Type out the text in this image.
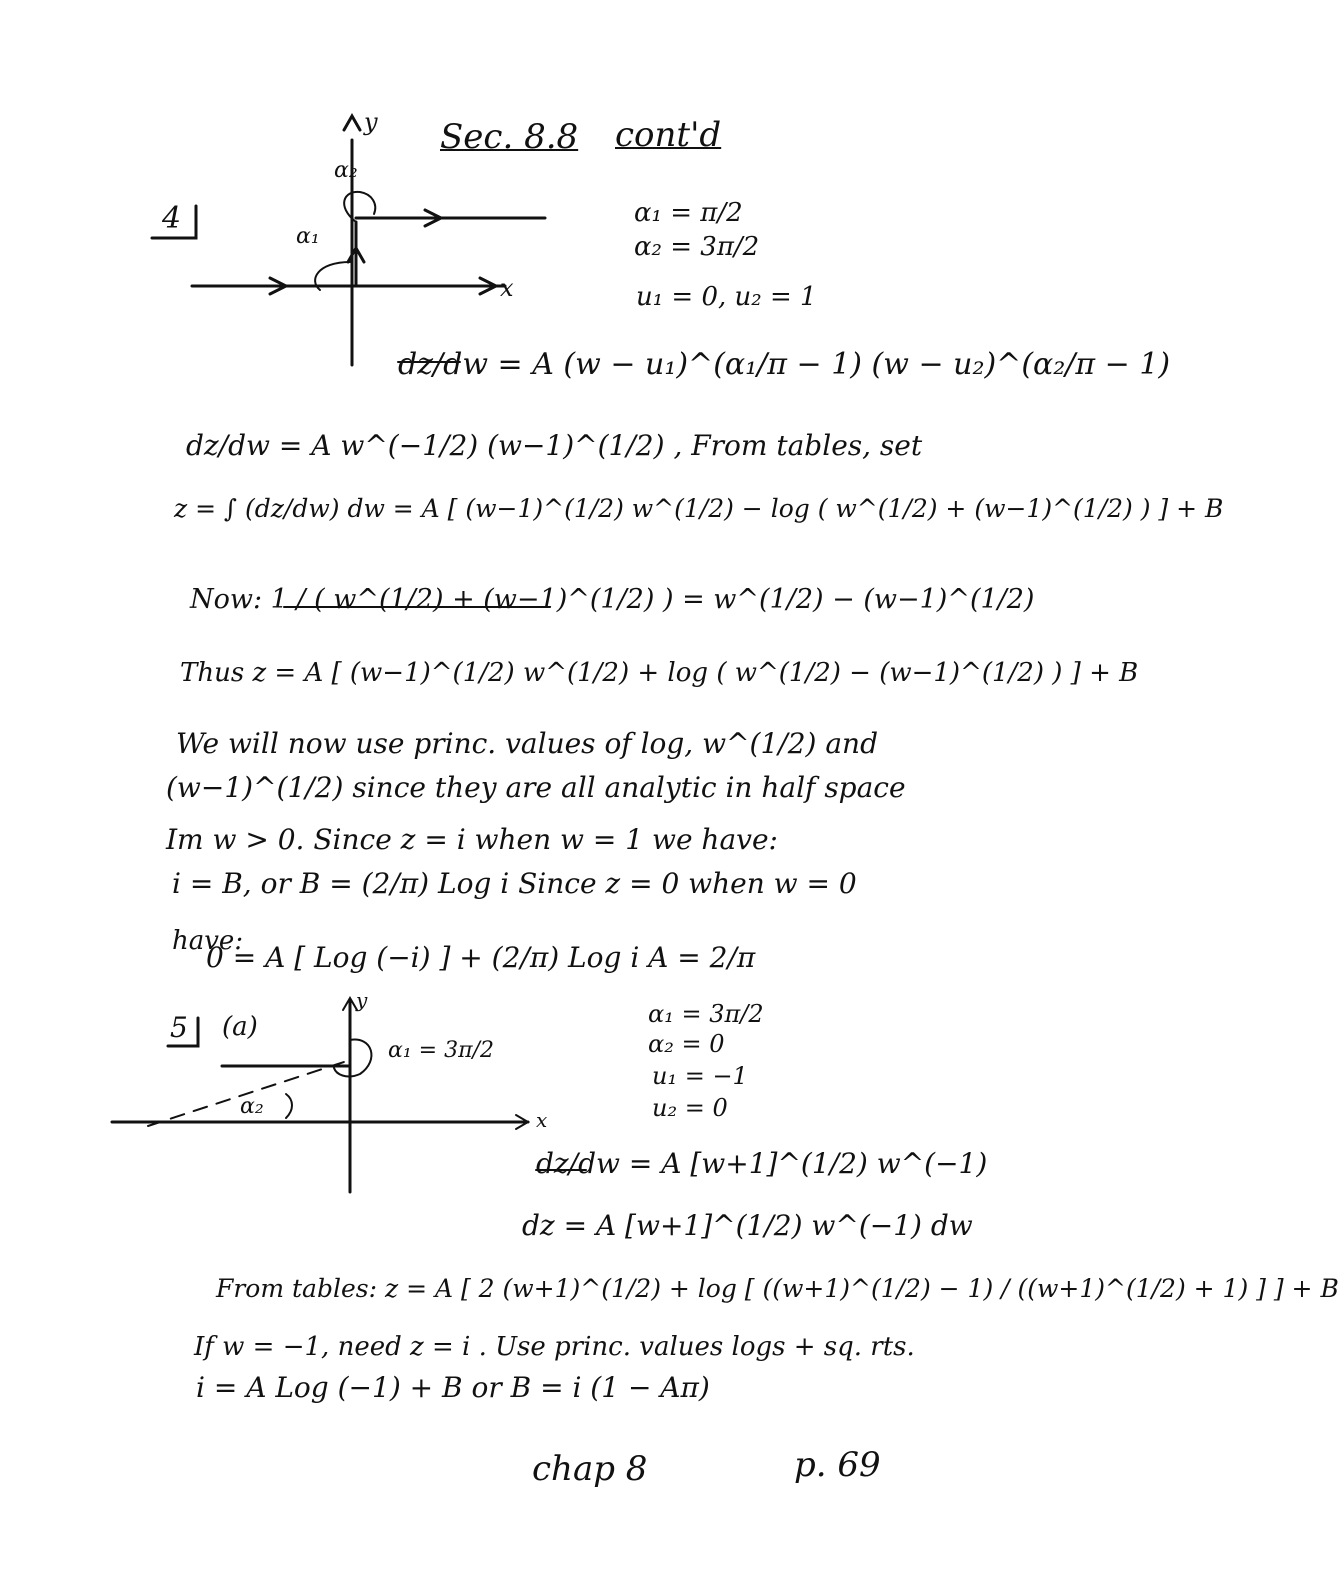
Sec. 8.8 cont'd
4
y
x
α₁
α₂
α₁ = π/2
α₂ = 3π/2
u₁ = 0, u₂ = 1
dz/dw = A (w − u₁)^(α₁/π − 1) (w − u₂)^(α₂/π − 1)
dz/dw = A w^(−1/2) (w−1)^(1/2) , From tables, set
z = ∫ (dz/dw) dw = A [ (w−1)^(1/2) w^(1/2) − log ( w^(1/2) + (w−1)^(1/2) ) ] + B
Now: 1 / ( w^(1/2) + (w−1)^(1/2) ) = w^(1/2) − (w−1)^(1/2)
Thus z = A [ (w−1)^(1/2) w^(1/2) + log ( w^(1/2) − (w−1)^(1/2) ) ] + B
We will now use princ. values of log, w^(1/2) and
(w−1)^(1/2) since they are all analytic in half space
Im w > 0. Since z = i when w = 1 we have:
i = B, or B = (2/π) Log i Since z = 0 when w = 0
have:
0 = A [ Log (−i) ] + (2/π) Log i A = 2/π
5 (a)
y
x
α₁ = 3π/2
α₂
α₁ = 3π/2
α₂ = 0
u₁ = −1
u₂ = 0
dz/dw = A [w+1]^(1/2) w^(−1)
dz = A [w+1]^(1/2) w^(−1) dw
From tables: z = A [ 2 (w+1)^(1/2) + log [ ((w+1)^(1/2) − 1) / ((w+1)^(1/2) + 1) ] ] + B
If w = −1, need z = i . Use princ. values logs + sq. rts.
i = A Log (−1) + B or B = i (1 − Aπ)
chap 8	p. 69
